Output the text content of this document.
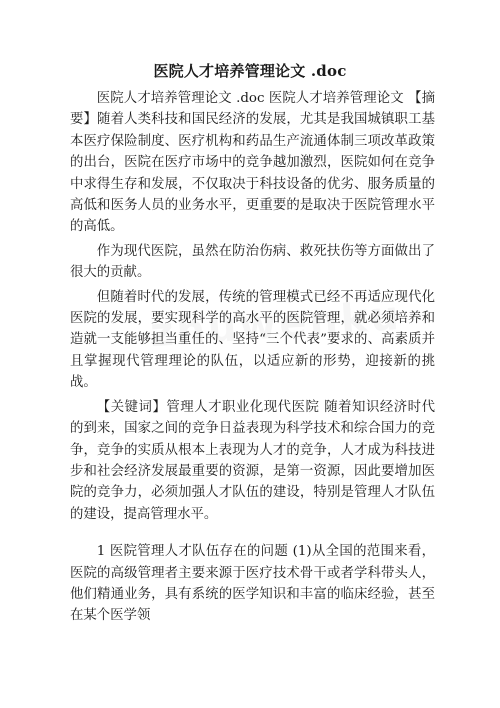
医院人才培养管理论文 .doc

医院人才培养管理论文 .doc 医院人才培养管理论文 【摘要】随着人类科技和国民经济的发展，尤其是我国城镇职工基本医疗保险制度、医疗机构和药品生产流通体制三项改革政策的出台，医院在医疗市场中的竞争越加激烈，医院如何在竞争中求得生存和发展，不仅取决于科技设备的优劣、服务质量的高低和医务人员的业务水平，更重要的是取决于医院管理水平的高低。

作为现代医院，虽然在防治伤病、救死扶伤等方面做出了很大的贡献。

但随着时代的发展，传统的管理模式已经不再适应现代化医院的发展，要实现科学的高水平的医院管理，就必须培养和造就一支能够担当重任的、坚持“三个代表”要求的、高素质并且掌握现代管理理论的队伍，以适应新的形势，迎接新的挑战。

【关键词】管理人才职业化现代医院 随着知识经济时代的到来，国家之间的竞争日益表现为科学技术和综合国力的竞争，竞争的实质从根本上表现为人才的竞争，人才成为科技进步和社会经济发展最重要的资源，是第一资源，因此要增加医院的竞争力，必须加强人才队伍的建设，特别是管理人才队伍的建设，提高管理水平。

1 医院管理人才队伍存在的问题 (1)从全国的范围来看，医院的高级管理者主要来源于医疗技术骨干或者学科带头人，他们精通业务，具有系统的医学知识和丰富的临床经验，甚至在某个医学领
